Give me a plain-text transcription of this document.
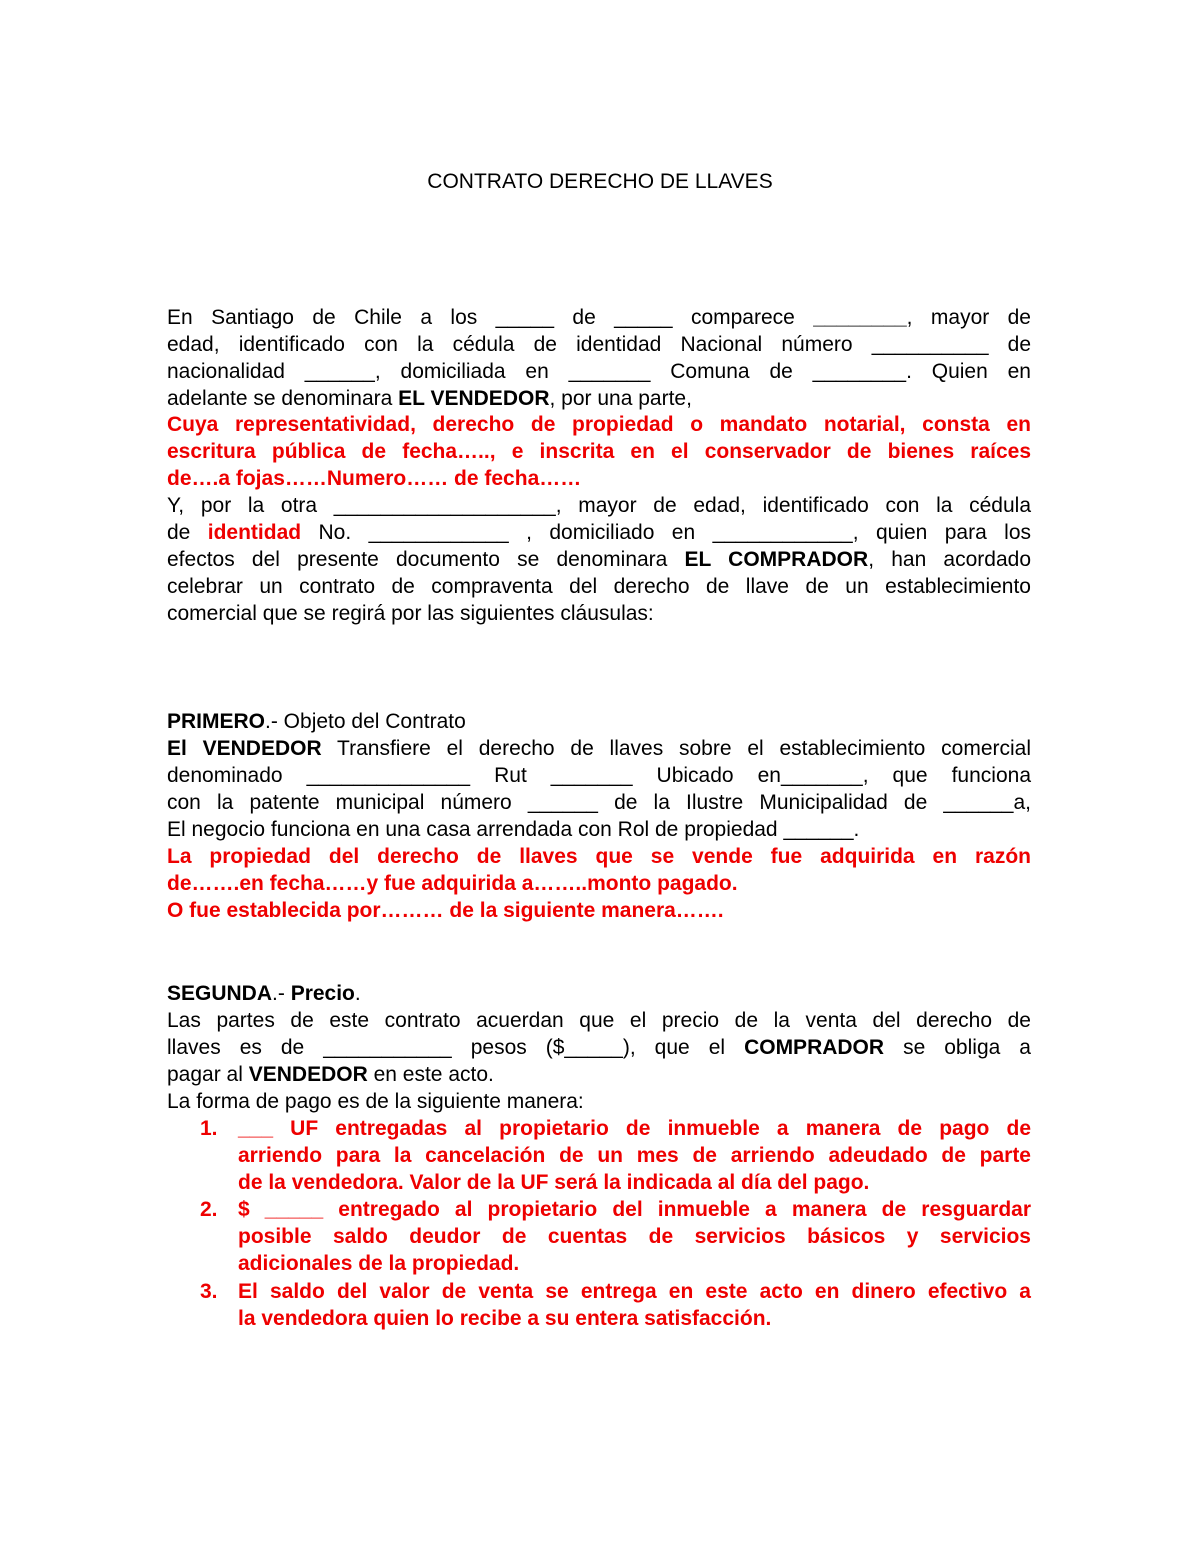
CONTRATO DERECHO DE LLAVES
En Santiago de Chile a los _____ de _____ comparece ________, mayor de
edad, identificado con la cédula de identidad Nacional número __________ de
nacionalidad ______, domiciliada en _______ Comuna de ________. Quien en
adelante se denominara EL VENDEDOR, por una parte,
Cuya representatividad, derecho de propiedad o mandato notarial, consta en
escritura pública de fecha….., e inscrita en el conservador de bienes raíces
de….a fojas……Numero…… de fecha……
Y, por la otra ___________________, mayor de edad, identificado con la cédula
de identidad No. ____________ , domiciliado en ____________, quien para los
efectos del presente documento se denominara EL COMPRADOR, han acordado
celebrar un contrato de compraventa del derecho de llave de un establecimiento
comercial que se regirá por las siguientes cláusulas:
PRIMERO.- Objeto del Contrato
El VENDEDOR Transfiere el derecho de llaves sobre el establecimiento comercial
denominado ______________ Rut _______ Ubicado en_______, que funciona
con la patente municipal número ______ de la Ilustre Municipalidad de ______a,
El negocio funciona en una casa arrendada con Rol de propiedad ______.
La propiedad del derecho de llaves que se vende fue adquirida en razón
de…….en fecha……y fue adquirida a……..monto pagado.
O fue establecida por……… de la siguiente manera…….
SEGUNDA.- Precio.
Las partes de este contrato acuerdan que el precio de la venta del derecho de
llaves es de ___________ pesos ($_____), que el COMPRADOR se obliga a
pagar al VENDEDOR en este acto.
La forma de pago es de la siguiente manera:
1. ___ UF entregadas al propietario de inmueble a manera de pago de
arriendo para la cancelación de un mes de arriendo adeudado de parte
de la vendedora. Valor de la UF será la indicada al día del pago.
2. $ _____ entregado al propietario del inmueble a manera de resguardar
posible saldo deudor de cuentas de servicios básicos y servicios
adicionales de la propiedad.
3. El saldo del valor de venta se entrega en este acto en dinero efectivo a
la vendedora quien lo recibe a su entera satisfacción.
